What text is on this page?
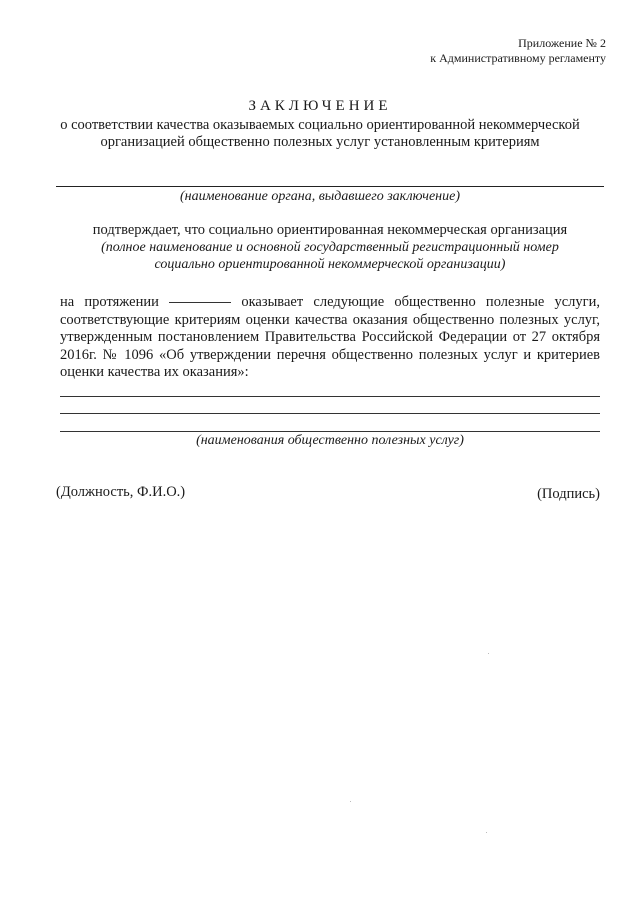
Приложение № 2
к Административному регламенту
ЗАКЛЮЧЕНИЕ
о соответствии качества оказываемых социально ориентированной некоммерческой
организацией общественно полезных услуг установленным критериям
(наименование органа, выдавшего заключение)
подтверждает, что социально ориентированная некоммерческая организация
(полное наименование и основной государственный регистрационный номер
социально ориентированной некоммерческой организации)
на протяжении	оказывает следующие общественно полезные услуги,
соответствующие критериям оценки качества оказания общественно полезных услуг,
утвержденным постановлением Правительства Российской Федерации от 27 октября
2016г. № 1096 «Об утверждении перечня общественно полезных услуг и критериев
оценки качества их оказания»:
(наименования общественно полезных услуг)
(Должность, Ф.И.О.)	(Подпись)
